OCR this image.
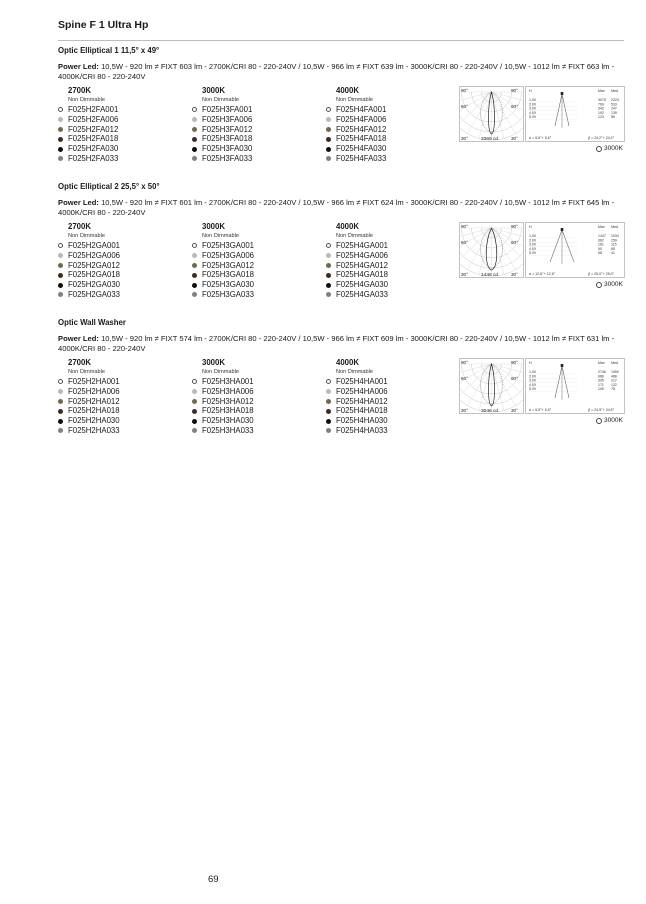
Spine F 1 Ultra Hp
Optic Elliptical 1 11,5° x 49°
Power Led: 10,5W - 920 lm ≠ FIXT 603 lm - 2700K/CRI 80 - 220-240V / 10,5W - 966 lm ≠ FIXT 639 lm - 3000K/CRI 80 - 220-240V / 10,5W - 1012 lm ≠ FIXT 663 lm - 4000K/CRI 80 - 220-240V
2700K
Non Dimmable
F025H2FA001
F025H2FA006
F025H2FA012
F025H2FA018
F025H2FA030
F025H2FA033
3000K
Non Dimmable
F025H3FA001
F025H3FA006
F025H3FA012
F025H3FA018
F025H3FA030
F025H3FA033
4000K
Non Dimmable
F025H4FA001
F025H4FA006
F025H4FA012
F025H4FA018
F025H4FA030
F025H4FA033
90°	90°
60°	60°
30°	30°
3369 cd
H	Max Med
1.00	3075 2223
2.00	769 533
3.00	342 247
4.00	192 139
5.00	123 89
α = 5,6°+ 5,6°	β = 24,2°+ 24,2°
3000K
Optic Elliptical 2 25,5° x 50°
Power Led: 10,5W - 920 lm ≠ FIXT 601 lm - 2700K/CRI 80 - 220-240V / 10,5W - 966 lm ≠ FIXT 624 lm - 3000K/CRI 80 - 220-240V / 10,5W - 1012 lm ≠ FIXT 645 lm - 4000K/CRI 80 - 220-240V
2700K
Non Dimmable
F025H2GA001
F025H2GA006
F025H2GA012
F025H2GA018
F025H2GA030
F025H2GA033
3000K
Non Dimmable
F025H3GA001
F025H3GA006
F025H3GA012
F025H3GA018
F025H3GA030
F025H3GA033
4000K
Non Dimmable
F025H4GA001
F025H4GA006
F025H4GA012
F025H4GA018
F025H4GA030
F025H4GA033
90°	90°
60°	60°
30°	30°
1448 cd
H	Max Med
1.00	1447 1034
2.00	362 259
3.00	161 115
4.00	90	65
5.00	58	41
α = 12,6°+ 12,6°	β = 25,0°+ 25,0°
3000K
Optic Wall Washer
Power Led: 10,5W - 920 lm ≠ FIXT 574 lm - 2700K/CRI 80 - 220-240V / 10,5W - 966 lm ≠ FIXT 609 lm - 3000K/CRI 80 - 220-240V / 10,5W - 1012 lm ≠ FIXT 631 lm - 4000K/CRI 80 - 220-240V
2700K
Non Dimmable
F025H2HA001
F025H2HA006
F025H2HA012
F025H2HA018
F025H2HA030
F025H2HA033
3000K
Non Dimmable
F025H3HA001
F025H3HA006
F025H3HA012
F025H3HA018
F025H3HA030
F025H3HA033
4000K
Non Dimmable
F025H4HA001
F025H4HA006
F025H4HA012
F025H4HA018
F025H4HA030
F025H4HA033
90°	90°
60°	60°
30°	30°
3046 cd
H	Max Med
1.00	2746 1950
2.00	686 488
3.00	305 217
4.00	171 122
5.00	109 78
α = 5,5°+ 5,5°	β = 24,5°+ 24,5°
3000K
69
